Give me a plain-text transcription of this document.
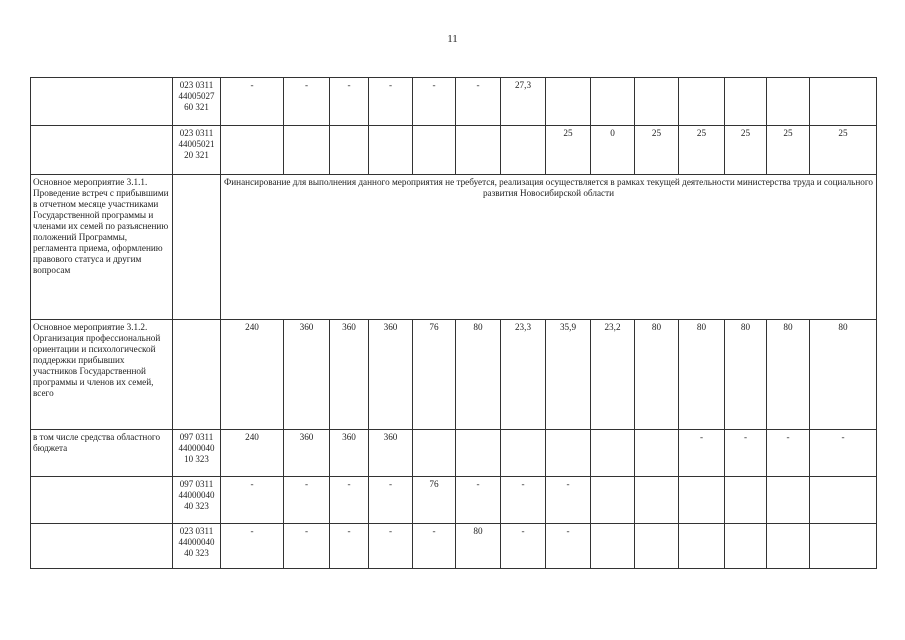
11
	023 0311 44005027 60 321	-	-	-	-	-	-	27,3							
	023 0311 44005021 20 321								25	0	25	25	25	25	25
Основное мероприятие 3.1.1. Проведение встреч с прибывшими в отчетном месяце участниками Государственной программы и членами их семей по разъяснению положений Программы, регламента приема, оформлению правового статуса и другим вопросам		Финансирование для выполнения данного мероприятия не требуется, реализация осуществляется в рамках текущей деятельности министерства труда и социального развития Новосибирской области													
Основное мероприятие 3.1.2. Организация профессиональной ориентации и психологической поддержки прибывших участников Государственной программы и членов их семей, всего		240	360	360	360	76	80	23,3	35,9	23,2	80	80	80	80	80
в том числе средства областного бюджета	097 0311 44000040 10 323	240	360	360	360							-	-	-	-
	097 0311 44000040 40 323	-	-	-	-	76	-	-	-						
	023 0311 44000040 40 323	-	-	-	-	-	80	-	-						
